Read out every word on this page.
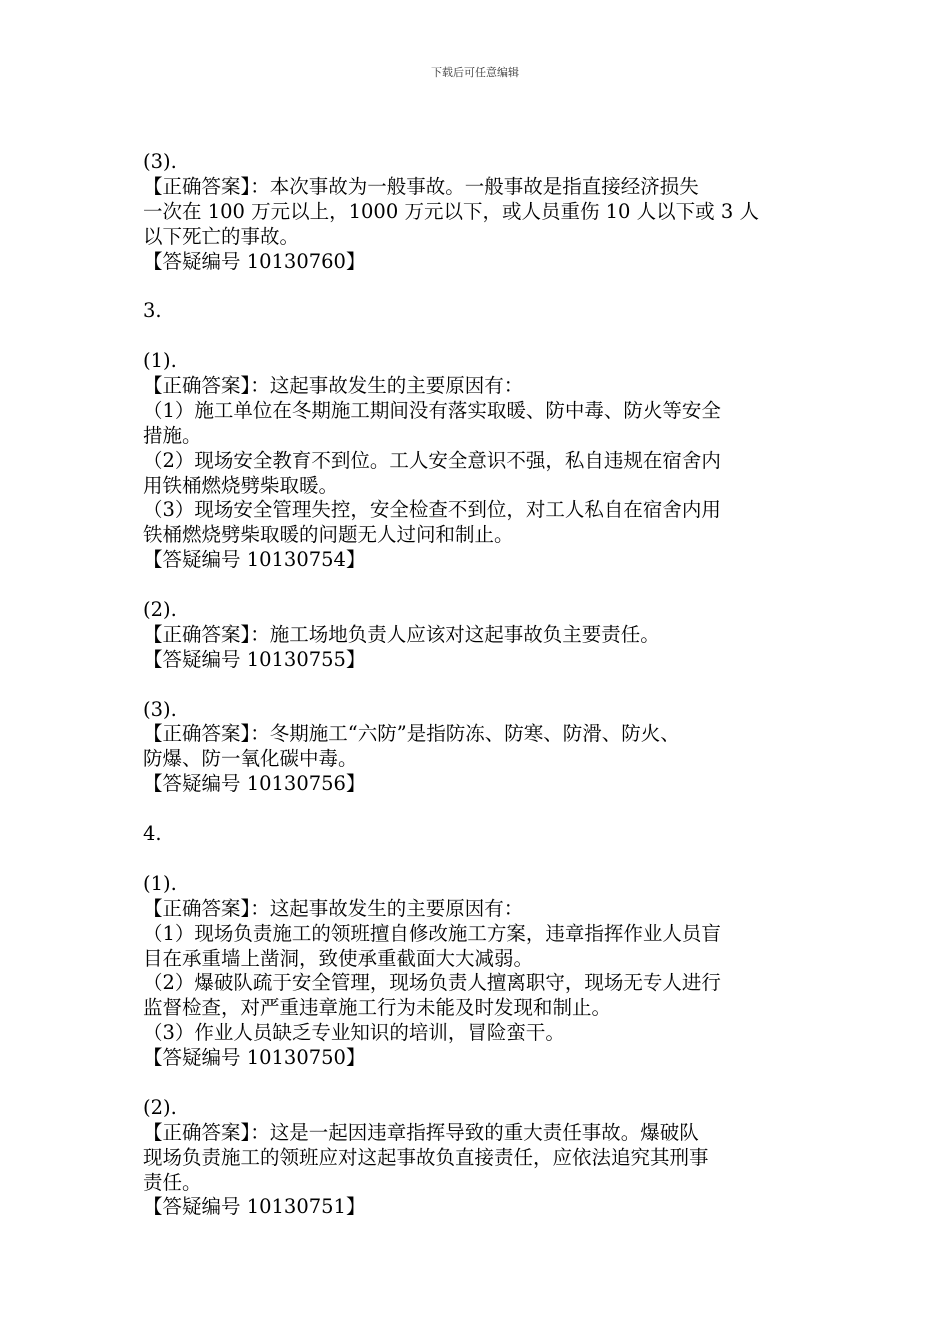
下载后可任意编辑
(3).
【正确答案】：本次事故为一般事故。一般事故是指直接经济损失
一次在 100 万元以上，1000 万元以下，或人员重伤 10 人以下或 3 人
以下死亡的事故。
【答疑编号 10130760】
3.
(1).
【正确答案】：这起事故发生的主要原因有：
（1）施工单位在冬期施工期间没有落实取暖、防中毒、防火等安全
措施。
（2）现场安全教育不到位。工人安全意识不强，私自违规在宿舍内
用铁桶燃烧劈柴取暖。
（3）现场安全管理失控，安全检查不到位，对工人私自在宿舍内用
铁桶燃烧劈柴取暖的问题无人过问和制止。
【答疑编号 10130754】
(2).
【正确答案】：施工场地负责人应该对这起事故负主要责任。
【答疑编号 10130755】
(3).
【正确答案】：冬期施工“六防”是指防冻、防寒、防滑、防火、
防爆、防一氧化碳中毒。
【答疑编号 10130756】
4.
(1).
【正确答案】：这起事故发生的主要原因有：
（1）现场负责施工的领班擅自修改施工方案，违章指挥作业人员盲
目在承重墙上凿洞，致使承重截面大大减弱。
（2）爆破队疏于安全管理，现场负责人擅离职守，现场无专人进行
监督检查，对严重违章施工行为未能及时发现和制止。
（3）作业人员缺乏专业知识的培训，冒险蛮干。
【答疑编号 10130750】
(2).
【正确答案】：这是一起因违章指挥导致的重大责任事故。爆破队
现场负责施工的领班应对这起事故负直接责任，应依法追究其刑事
责任。
【答疑编号 10130751】
